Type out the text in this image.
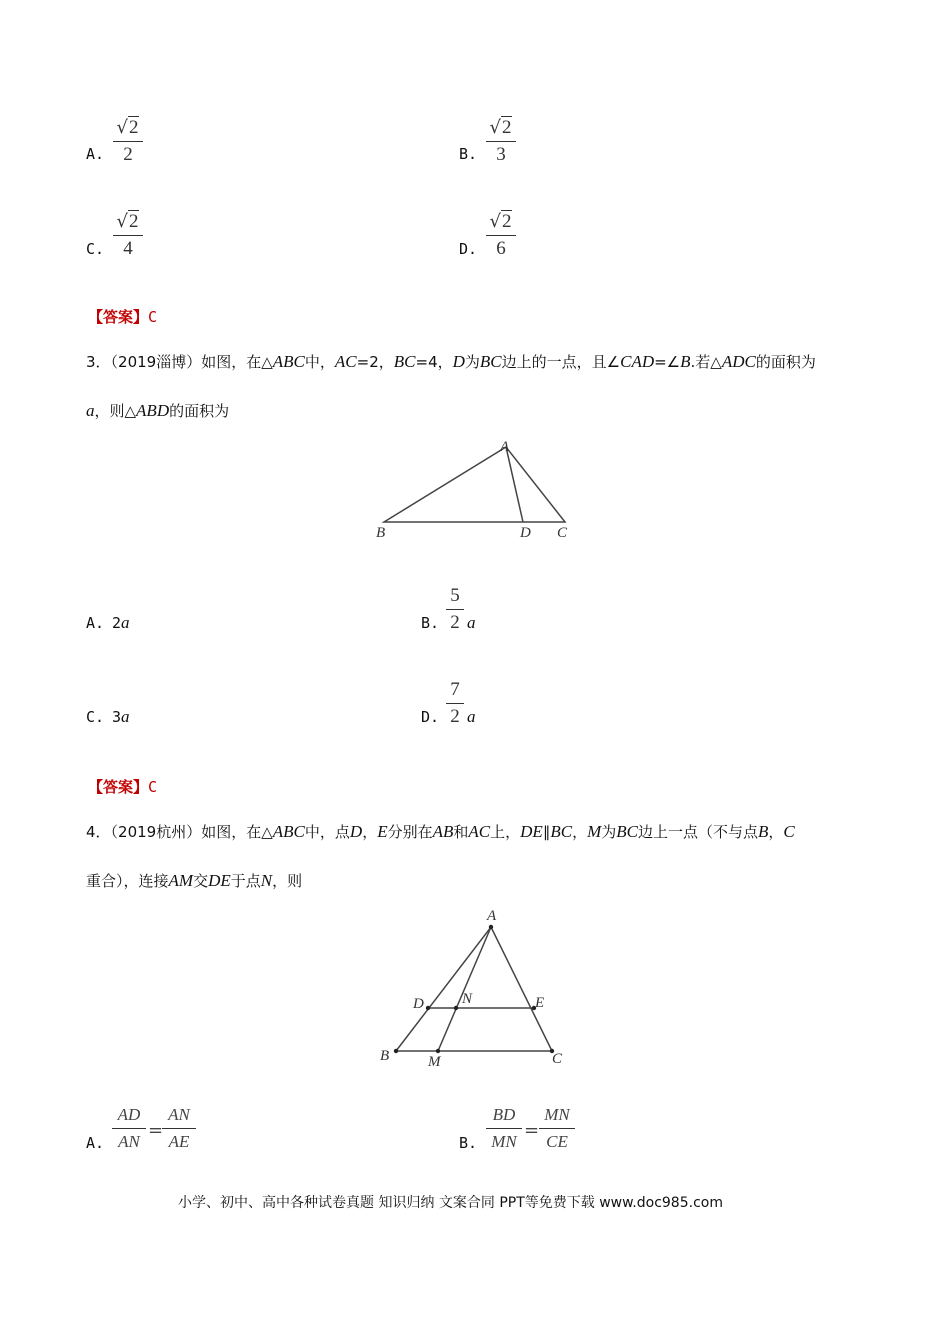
A.
√2
2	B.
√2
3
C.
√2
4	D.
√2
6
【答案】C
3．（2019淄博）如图，在△ABC中，AC=2，BC=4，D为BC边上的一点，且∠CAD=∠B.若△ADC的面积为
a，则△ABD的面积为
A
B	D C
A. 2 a	B.
5
2 a
C. 3 a	D.
7
2 a
【答案】C
4．（2019杭州）如图，在△ABC中，点D，E分别在AB和AC上，DE∥BC，M为BC边上一点（不与点B，C
重合），连接AM交DE于点N，则
A
D	N	E
B	M	C
A.
AD
AN
=
AN
AE	B.
BD
MN
=
MN
CE
小学、初中、高中各种试卷真题 知识归纳 文案合同 PPT等免费下载 www.doc985.com
